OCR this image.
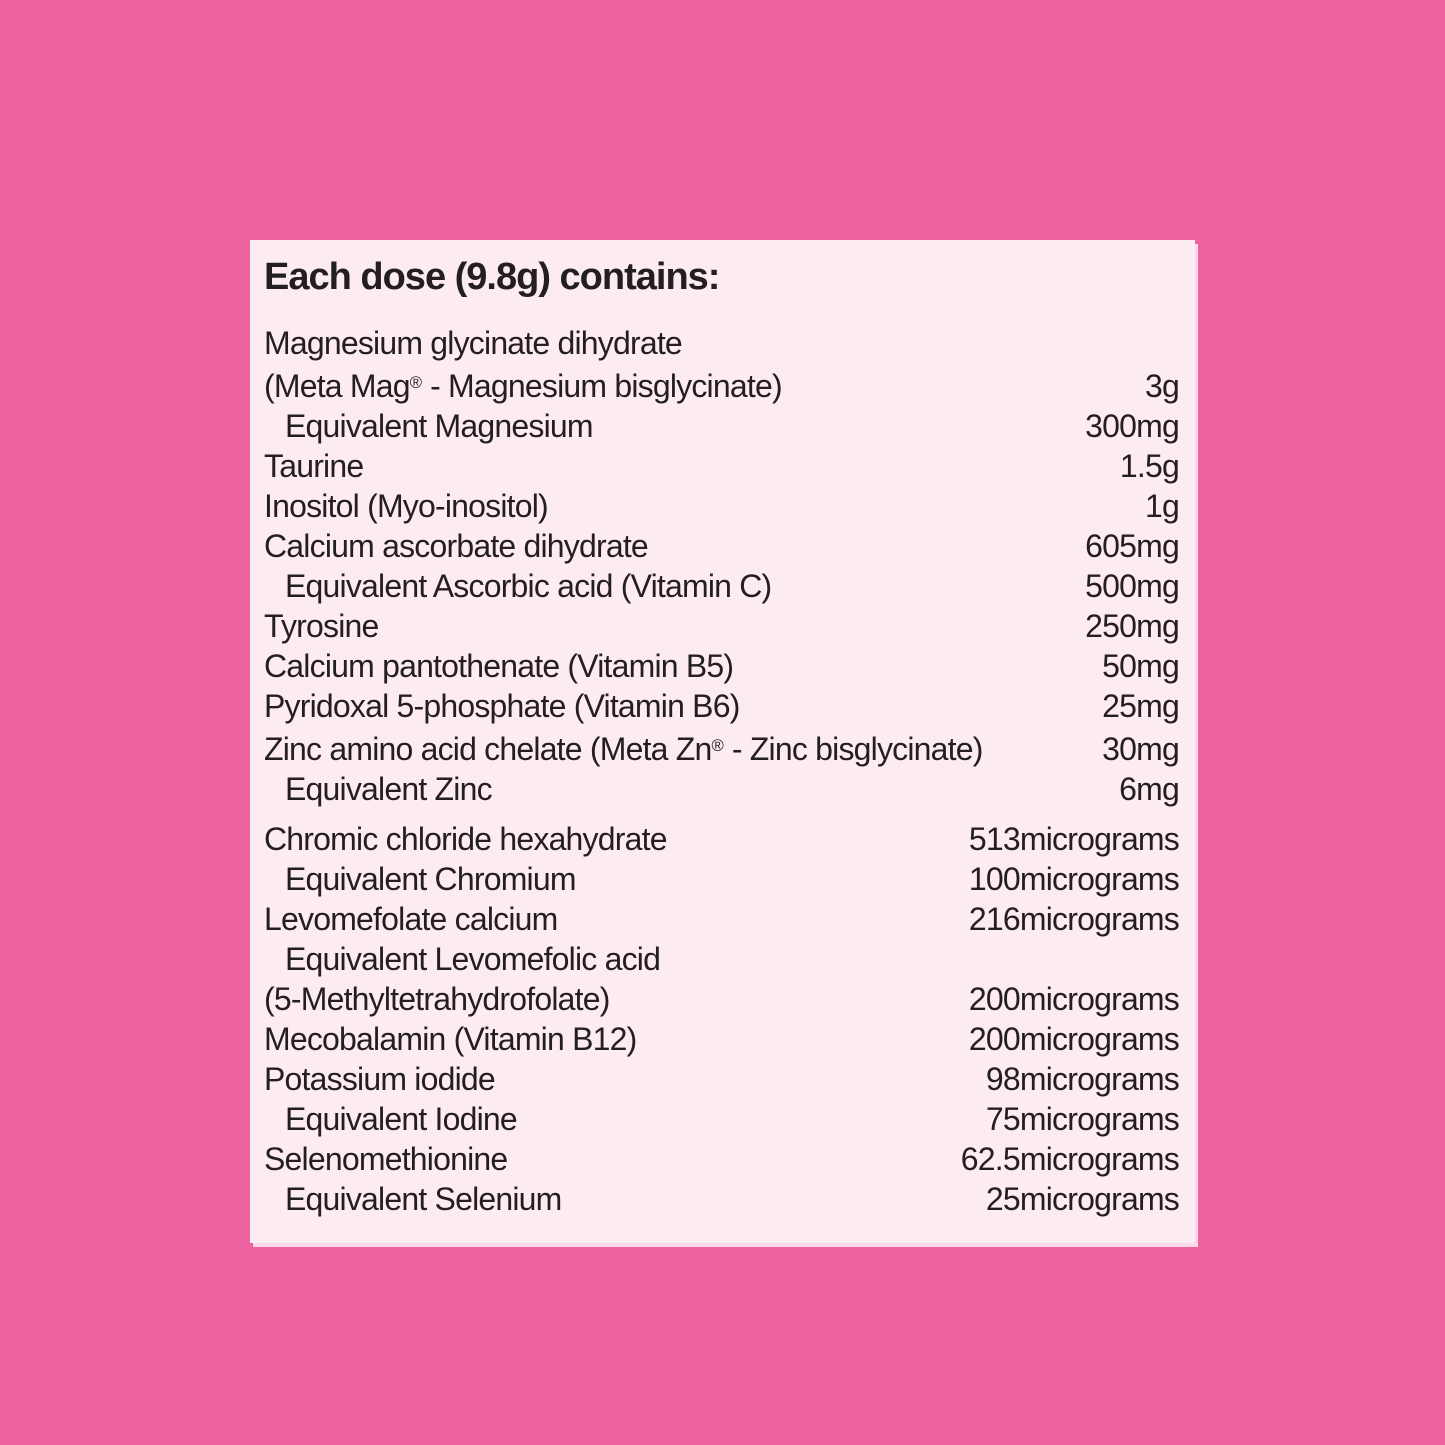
Each dose (9.8g) contains:
Magnesium glycinate dihydrate
(Meta Mag® - Magnesium bisglycinate)	3g
Equivalent Magnesium	300mg
Taurine	1.5g
Inositol (Myo-inositol)	1g
Calcium ascorbate dihydrate	605mg
Equivalent Ascorbic acid (Vitamin C)	500mg
Tyrosine	250mg
Calcium pantothenate (Vitamin B5)	50mg
Pyridoxal 5-phosphate (Vitamin B6)	25mg
Zinc amino acid chelate (Meta Zn® - Zinc bisglycinate)	30mg
Equivalent Zinc	6mg
Chromic chloride hexahydrate	513micrograms
Equivalent Chromium	100micrograms
Levomefolate calcium	216micrograms
Equivalent Levomefolic acid
(5-Methyltetrahydrofolate)	200micrograms
Mecobalamin (Vitamin B12)	200micrograms
Potassium iodide	98micrograms
Equivalent Iodine	75micrograms
Selenomethionine	62.5micrograms
Equivalent Selenium	25micrograms
